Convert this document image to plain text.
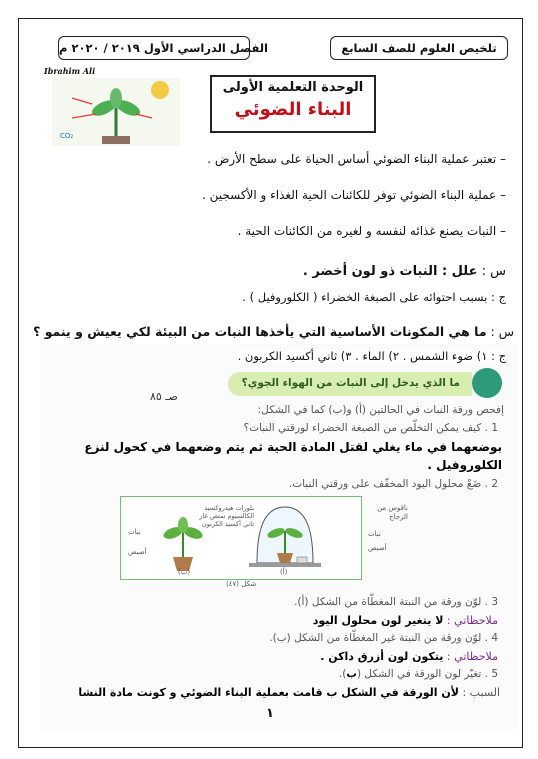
تلخيص العلوم للصف السابع
الفصل الدراسي الأول ٢٠١٩ / ٢٠٢٠ م
Ibrahim Ali
CO₂
الوحدة التعلمية الأولى
البناء الضوئي
– تعتبر عملية البناء الضوئي أساس الحياة على سطح الأرض .
– عملية البناء الضوئي توفر للكائنات الحية الغذاء و الأكسجين .
– النبات يصنع غذائه لنفسه و لغيره من الكائنات الحية .
س : علل : النبات ذو لون أخضر .
ج : بسبب احتوائه على الصبغة الخضراء ( الكلوروفيل ) .
س : ما هي المكونات الأساسية التي يأخذها النبات من البيئة لكي يعيش و ينمو ؟
ج : ١) ضوء الشمس . ٢) الماء . ٣) ثاني أكسيد الكربون .
ما الذي يدخل إلى النبات من الهواء الجوي؟
صـ ٨٥
إفحص ورقة النبات في الحالتين (أ) و(ب) كما في الشكل:
1 . كيف يمكن التخلّص من الصبغة الخضراء لورقتي النبات؟
بوضعهما في ماء يغلي لقتل المادة الحية ثم يتم وضعهما في كحول لنزع
الكلوروفيل .
2 . ضَعْ محلول اليود المخفّف على ورقتي النبات.
بلورات هيدروكسيد الكالسيوم تمتص غاز ثاني أكسيد الكربون
ناقوس من الزجاج
نبات
أصيص
نبات
أصيص
(ب)	(أ)
شكل (٤٧)
3 . لوّن ورقة من النبتة المغطّاة من الشكل (أ).
ملاحظاتي : لا يتغير لون محلول اليود
4 . لوّن ورقة من النبتة غير المغطّاة من الشكل (ب).
ملاحظاتي : يتكون لون أزرق داكن .
5 . تغيّر لون الورقة في الشكل (ب).
السبب : لأن الورقة في الشكل ب قامت بعملية البناء الضوئي و كونت مادة النشا
١
